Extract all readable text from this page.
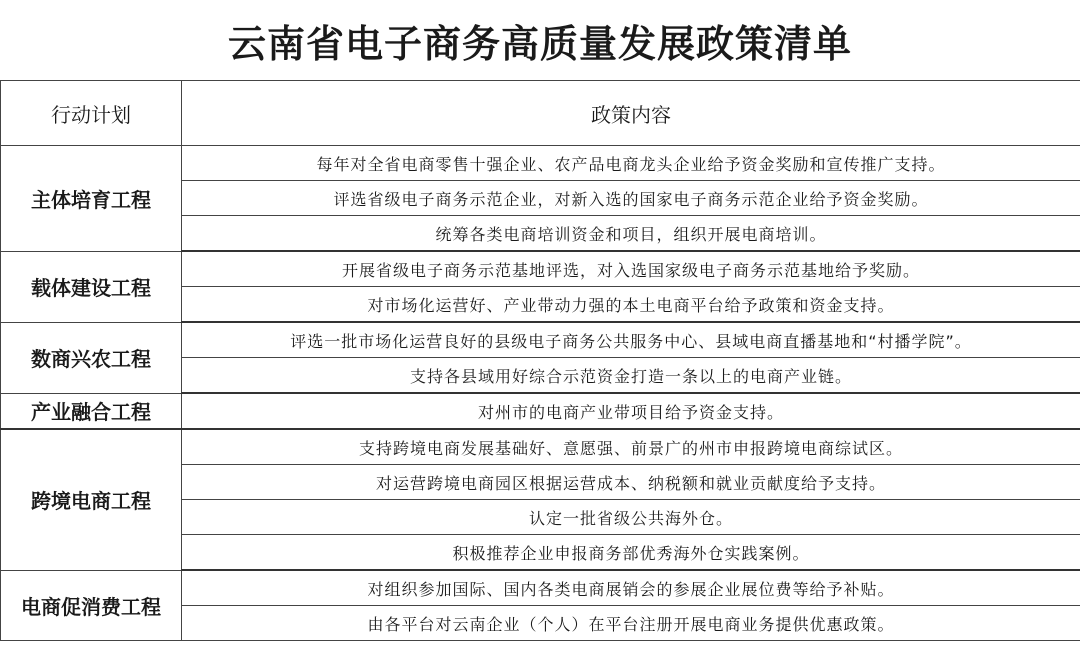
云南省电子商务高质量发展政策清单
行动计划	政策内容
主体培育工程	每年对全省电商零售十强企业、农产品电商龙头企业给予资金奖励和宣传推广支持。
	评选省级电子商务示范企业，对新入选的国家电子商务示范企业给予资金奖励。
	统筹各类电商培训资金和项目，组织开展电商培训。
载体建设工程	开展省级电子商务示范基地评选，对入选国家级电子商务示范基地给予奖励。
	对市场化运营好、产业带动力强的本土电商平台给予政策和资金支持。
数商兴农工程	评选一批市场化运营良好的县级电子商务公共服务中心、县域电商直播基地和“村播学院”。
	支持各县域用好综合示范资金打造一条以上的电商产业链。
产业融合工程	对州市的电商产业带项目给予资金支持。
跨境电商工程	支持跨境电商发展基础好、意愿强、前景广的州市申报跨境电商综试区。
	对运营跨境电商园区根据运营成本、纳税额和就业贡献度给予支持。
	认定一批省级公共海外仓。
	积极推荐企业申报商务部优秀海外仓实践案例。
电商促消费工程	对组织参加国际、国内各类电商展销会的参展企业展位费等给予补贴。
	由各平台对云南企业（个人）在平台注册开展电商业务提供优惠政策。
